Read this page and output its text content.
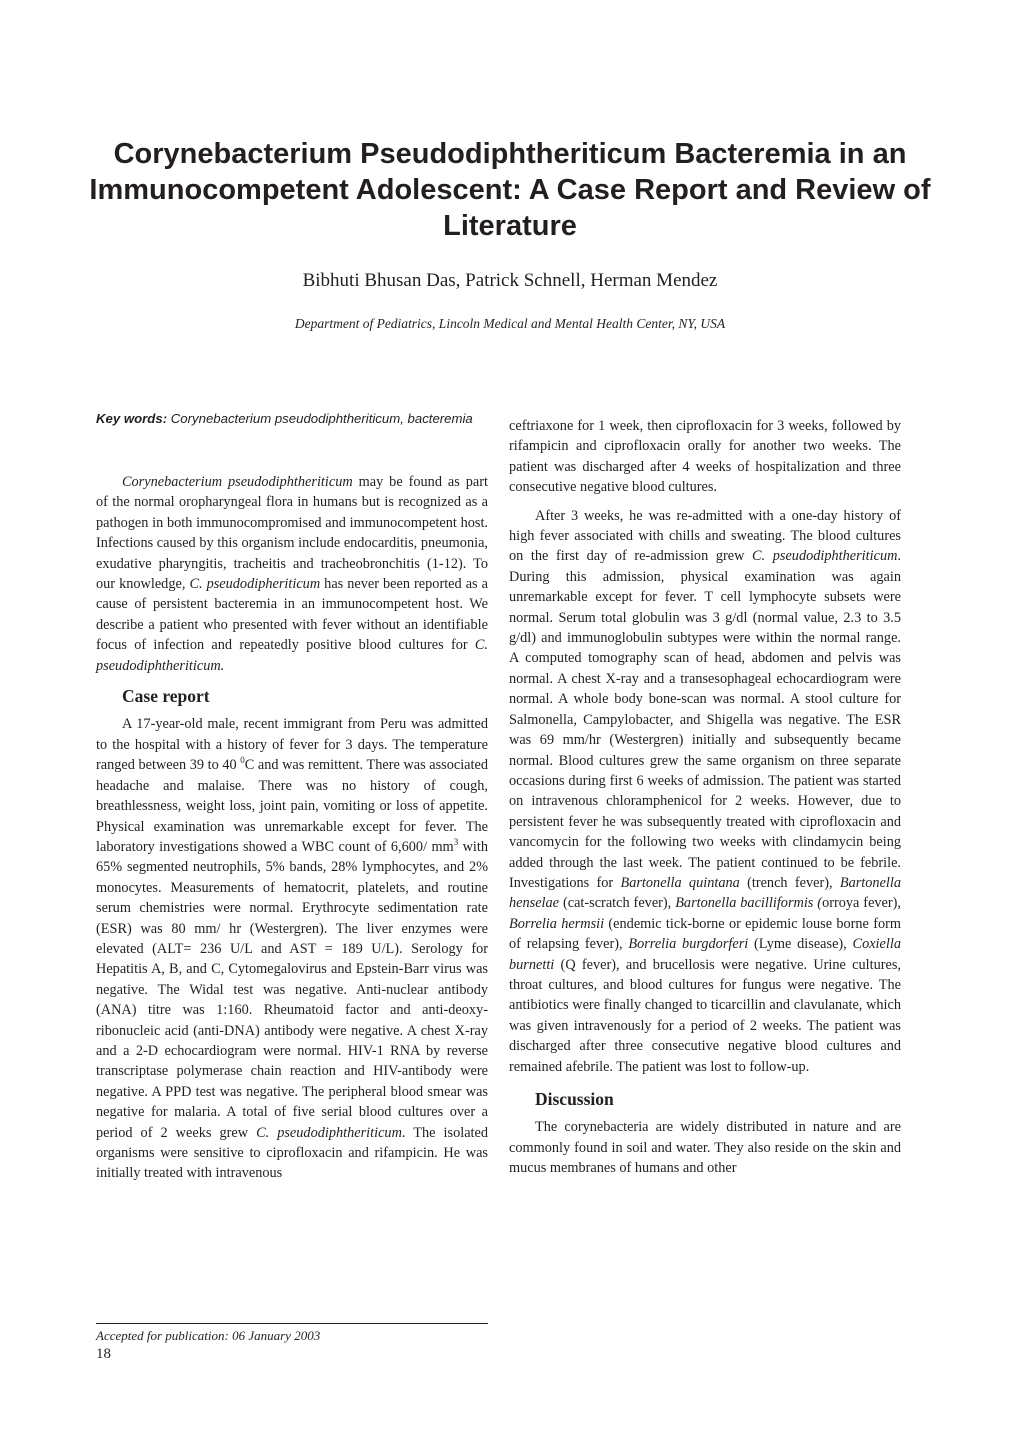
Corynebacterium Pseudodiphtheriticum Bacteremia in an Immunocompetent Adolescent: A Case Report and Review of Literature
Bibhuti Bhusan Das, Patrick Schnell, Herman Mendez
Department of Pediatrics, Lincoln Medical and Mental Health Center, NY, USA
Key words: Corynebacterium pseudodiphtheriticum, bacteremia

Corynebacterium pseudodiphtheriticum may be found as part of the normal oropharyngeal flora in humans but is recognized as a pathogen in both immunocompromised and immunocompetent host. Infections caused by this organism include endocarditis, pneumonia, exudative pharyngitis, tracheitis and tracheobronchitis (1-12). To our knowledge, C. pseudodipheriticum has never been reported as a cause of persistent bacteremia in an immunocompetent host. We describe a patient who presented with fever without an identifiable focus of infection and repeatedly positive blood cultures for C. pseudodiphtheriticum.

Case report

A 17-year-old male, recent immigrant from Peru was admitted to the hospital with a history of fever for 3 days. The temperature ranged between 39 to 40 $^0$C and was remittent. There was associated headache and malaise. There was no history of cough, breathlessness, weight loss, joint pain, vomiting or loss of appetite. Physical examination was unremarkable except for fever. The laboratory investigations showed a WBC count of 6,600/ $mm^3$ with 65% segmented neutrophils, 5% bands, 28% lymphocytes, and 2% monocytes. Measurements of hematocrit, platelets, and routine serum chemistries were normal. Erythrocyte sedimentation rate (ESR) was 80 mm/ hr (Westergren). The liver enzymes were elevated (ALT= 236 U/L and AST = 189 U/L). Serology for Hepatitis A, B, and C, Cytomegalovirus and Epstein-Barr virus was negative. The Widal test was negative. Anti-nuclear antibody (ANA) titre was 1:160. Rheumatoid factor and anti-deoxy-ribonucleic acid (anti-DNA) antibody were negative. A chest X-ray and a 2-D echocardiogram were normal. HIV-1 RNA by reverse transcriptase polymerase chain reaction and HIV-antibody were negative. A PPD test was negative. The peripheral blood smear was negative for malaria. A total of five serial blood cultures over a period of 2 weeks grew C. pseudodiphtheriticum. The isolated organisms were sensitive to ciprofloxacin and rifampicin. He was initially treated with intravenous

ceftriaxone for 1 week, then ciprofloxacin for 3 weeks, followed by rifampicin and ciprofloxacin orally for another two weeks. The patient was discharged after 4 weeks of hospitalization and three consecutive negative blood cultures.

After 3 weeks, he was re-admitted with a one-day history of high fever associated with chills and sweating. The blood cultures on the first day of re-admission grew C. pseudodiphtheriticum. During this admission, physical examination was again unremarkable except for fever. T cell lymphocyte subsets were normal. Serum total globulin was 3 g/dl (normal value, 2.3 to 3.5 g/dl) and immunoglobulin subtypes were within the normal range. A computed tomography scan of head, abdomen and pelvis was normal. A chest X-ray and a transesophageal echocardiogram were normal. A whole body bone-scan was normal. A stool culture for Salmonella, Campylobacter, and Shigella was negative. The ESR was 69 mm/hr (Westergren) initially and subsequently became normal. Blood cultures grew the same organism on three separate occasions during first 6 weeks of admission. The patient was started on intravenous chloramphenicol for 2 weeks. However, due to persistent fever he was subsequently treated with ciprofloxacin and vancomycin for the following two weeks with clindamycin being added through the last week. The patient continued to be febrile. Investigations for Bartonella quintana (trench fever), Bartonella henselae (cat-scratch fever), Bartonella bacilliformis (orroya fever), Borrelia hermsii (endemic tick-borne or epidemic louse borne form of relapsing fever), Borrelia burgdorferi (Lyme disease), Coxiella burnetti (Q fever), and brucellosis were negative. Urine cultures, throat cultures, and blood cultures for fungus were negative. The antibiotics were finally changed to ticarcillin and clavulanate, which was given intravenously for a period of 2 weeks. The patient was discharged after three consecutive negative blood cultures and remained afebrile. The patient was lost to follow-up.

Discussion

The corynebacteria are widely distributed in nature and are commonly found in soil and water. They also reside on the skin and mucus membranes of humans and other

Accepted for publication: 06 January 2003
18
